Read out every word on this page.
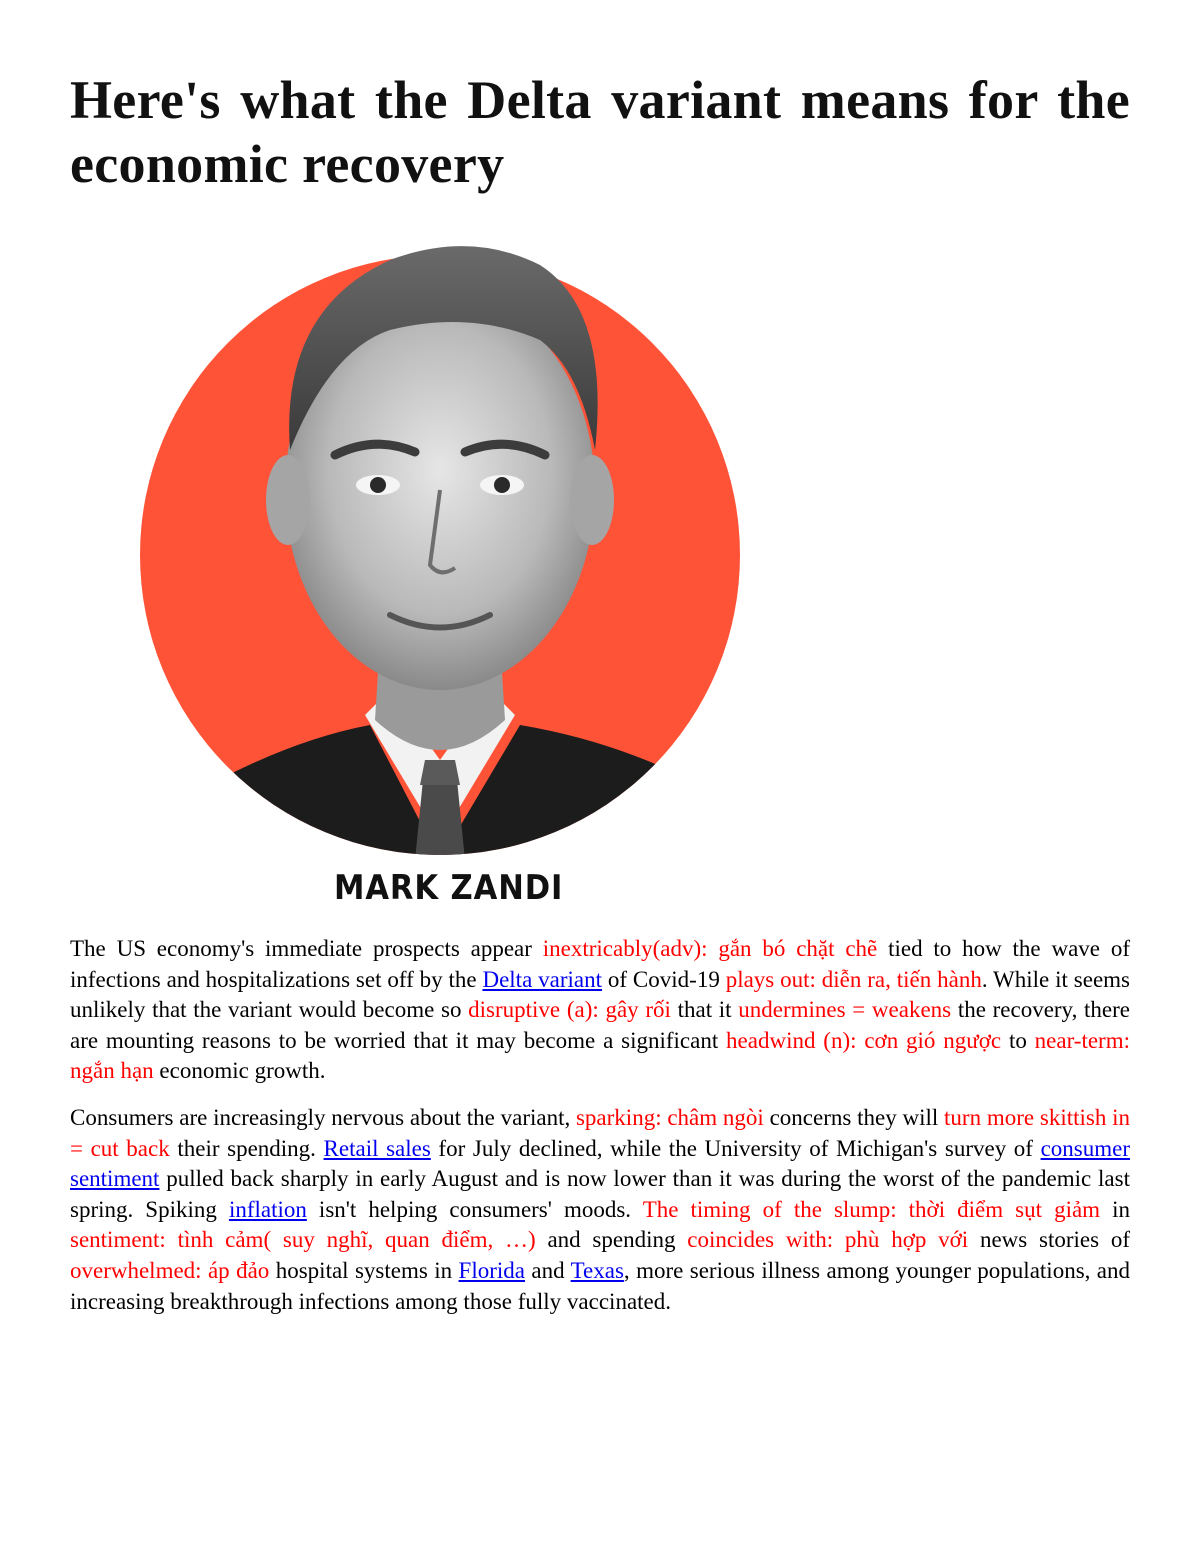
Here's what the Delta variant means for the economic recovery
MARK ZANDI

The US economy's immediate prospects appear inextricably(adv): gắn bó chặt chẽ tied to how the wave of infections and hospitalizations set off by the Delta variant of Covid-19 plays out: diễn ra, tiến hành. While it seems unlikely that the variant would become so disruptive (a): gây rối that it undermines = weakens the recovery, there are mounting reasons to be worried that it may become a significant headwind (n): cơn gió ngược to near-term: ngắn hạn economic growth.

Consumers are increasingly nervous about the variant, sparking: châm ngòi concerns they will turn more skittish in = cut back their spending. Retail sales for July declined, while the University of Michigan's survey of consumer sentiment pulled back sharply in early August and is now lower than it was during the worst of the pandemic last spring. Spiking inflation isn't helping consumers' moods. The timing of the slump: thời điểm sụt giảm in sentiment: tình cảm( suy nghĩ, quan điểm, …) and spending coincides with: phù hợp với news stories of overwhelmed: áp đảo hospital systems in Florida and Texas, more serious illness among younger populations, and increasing breakthrough infections among those fully vaccinated.
